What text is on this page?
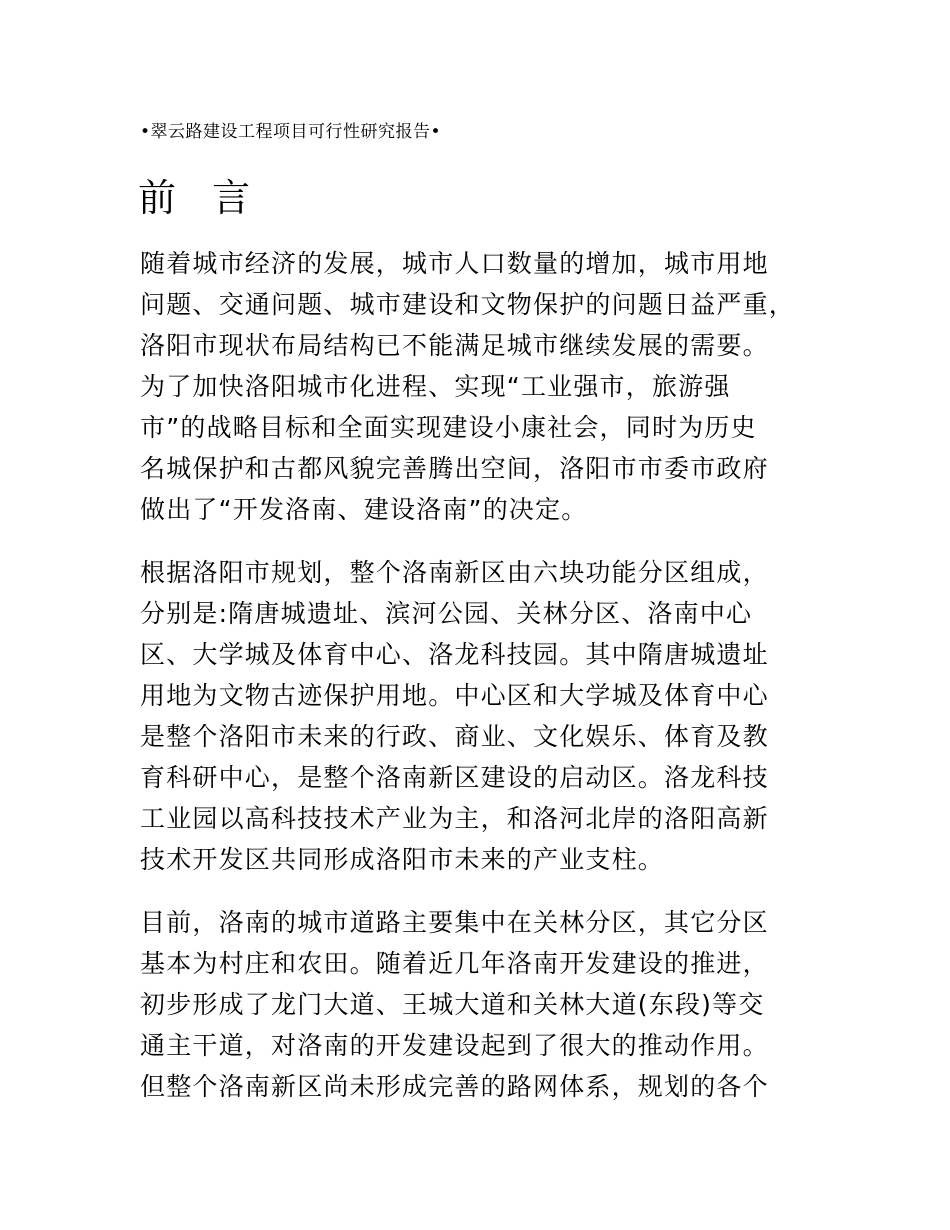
•翠云路建设工程项目可行性研究报告•
前 言

随着城市经济的发展，城市人口数量的增加，城市用地
问题、交通问题、城市建设和文物保护的问题日益严重，
洛阳市现状布局结构已不能满足城市继续发展的需要。
为了加快洛阳城市化进程、实现“工业强市，旅游强
市”的战略目标和全面实现建设小康社会，同时为历史
名城保护和古都风貌完善腾出空间，洛阳市市委市政府
做出了“开发洛南、建设洛南”的决定。

根据洛阳市规划，整个洛南新区由六块功能分区组成，
分别是:隋唐城遗址、滨河公园、关林分区、洛南中心
区、大学城及体育中心、洛龙科技园。其中隋唐城遗址
用地为文物古迹保护用地。中心区和大学城及体育中心
是整个洛阳市未来的行政、商业、文化娱乐、体育及教
育科研中心，是整个洛南新区建设的启动区。洛龙科技
工业园以高科技技术产业为主，和洛河北岸的洛阳高新
技术开发区共同形成洛阳市未来的产业支柱。

目前，洛南的城市道路主要集中在关林分区，其它分区
基本为村庄和农田。随着近几年洛南开发建设的推进，
初步形成了龙门大道、王城大道和关林大道(东段)等交
通主干道，对洛南的开发建设起到了很大的推动作用。
但整个洛南新区尚未形成完善的路网体系，规划的各个
